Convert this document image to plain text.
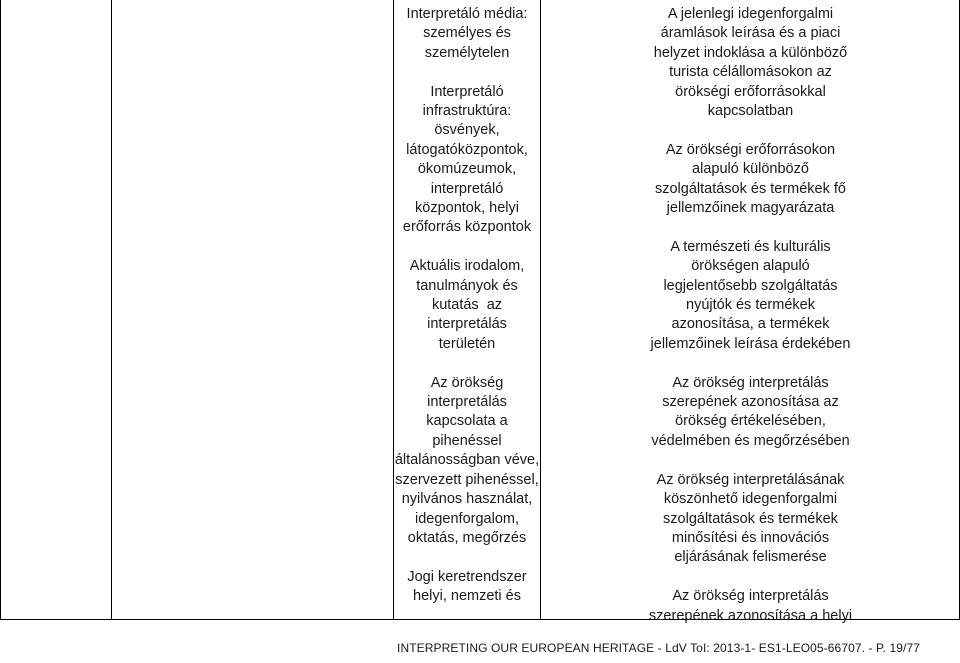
Interpretáló média:
személyes és
személytelen

Interpretáló
infrastruktúra:
ösvények,
látogatóközpontok,
ökomúzeumok,
interpretáló
központok, helyi
erőforrás központok

Aktuális irodalom,
tanulmányok és
kutatás  az
interpretálás
területén

Az örökség
interpretálás
kapcsolata a
pihenéssel
általánosságban véve,
szervezett pihenéssel,
nyilvános használat,
idegenforgalom,
oktatás, megőrzés

Jogi keretrendszer
helyi, nemzeti és

A jelenlegi idegenforgalmi
áramlások leírása és a piaci
helyzet indoklása a különböző
turista célállomásokon az
örökségi erőforrásokkal
kapcsolatban

Az örökségi erőforrásokon
alapuló különböző
szolgáltatások és termékek fő
jellemzőinek magyarázata

A természeti és kulturális
örökségen alapuló
legjelentősebb szolgáltatás
nyújtók és termékek
azonosítása, a termékek
jellemzőinek leírása érdekében

Az örökség interpretálás
szerepének azonosítása az
örökség értékelésében,
védelmében és megőrzésében

Az örökség interpretálásának
köszönhető idegenforgalmi
szolgáltatások és termékek
minősítési és innovációs
eljárásának felismerése

Az örökség interpretálás
szerepének azonosítása a helyi

INTERPRETING OUR EUROPEAN HERITAGE - LdV ToI: 2013-1- ES1-LEO05-66707. - P. 19/77
